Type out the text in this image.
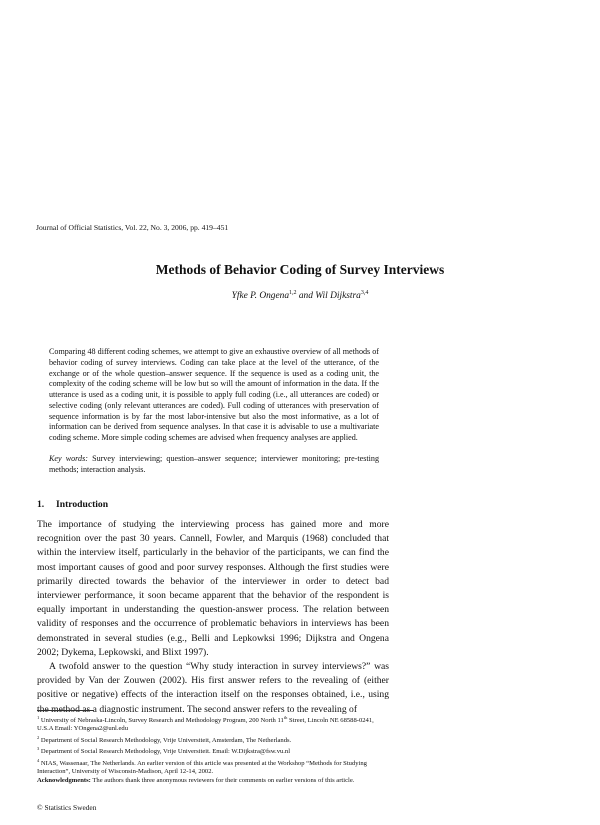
Journal of Official Statistics, Vol. 22, No. 3, 2006, pp. 419–451
Methods of Behavior Coding of Survey Interviews
Yfke P. Ongena$^{1,2}$ and Wil Dijkstra$^{3,4}$

Comparing 48 different coding schemes, we attempt to give an exhaustive overview of all methods of behavior coding of survey interviews. Coding can take place at the level of the utterance, of the exchange or of the whole question–answer sequence. If the sequence is used as a coding unit, the complexity of the coding scheme will be low but so will the amount of information in the data. If the utterance is used as a coding unit, it is possible to apply full coding (i.e., all utterances are coded) or selective coding (only relevant utterances are coded). Full coding of utterances with preservation of sequence information is by far the most labor-intensive but also the most informative, as a lot of information can be derived from sequence analyses. In that case it is advisable to use a multivariate coding scheme. More simple coding schemes are advised when frequency analyses are applied.

Key words: Survey interviewing; question–answer sequence; interviewer monitoring; pre-testing methods; interaction analysis.
1. Introduction

The importance of studying the interviewing process has gained more and more recognition over the past 30 years. Cannell, Fowler, and Marquis (1968) concluded that within the interview itself, particularly in the behavior of the participants, we can find the most important causes of good and poor survey responses. Although the first studies were primarily directed towards the behavior of the interviewer in order to detect bad interviewer performance, it soon became apparent that the behavior of the respondent is equally important in understanding the question-answer process. The relation between validity of responses and the occurrence of problematic behaviors in interviews has been demonstrated in several studies (e.g., Belli and Lepkowksi 1996; Dijkstra and Ongena 2002; Dykema, Lepkowski, and Blixt 1997).

A twofold answer to the question “Why study interaction in survey interviews?” was provided by Van der Zouwen (2002). His first answer refers to the revealing of (either positive or negative) effects of the interaction itself on the responses obtained, i.e., using the method as a diagnostic instrument. The second answer refers to the revealing of

$^1$ University of Nebraska-Lincoln, Survey Research and Methodology Program, 200 North 11th Street, Lincoln NE 68588-0241, U.S.A Email: YOngena2@unl.edu

$^2$ Department of Social Research Methodology, Vrije Universiteit, Amsterdam, The Netherlands.

$^3$ Department of Social Research Methodology, Vrije Universiteit. Email: W.Dijkstra@fsw.vu.nl

$^4$ NIAS, Wassenaar, The Netherlands. An earlier version of this article was presented at the Workshop “Methods for Studying Interaction”, University of Wisconsin-Madison, April 12-14, 2002.

Acknowledgments: The authors thank three anonymous reviewers for their comments on earlier versions of this article.

© Statistics Sweden
